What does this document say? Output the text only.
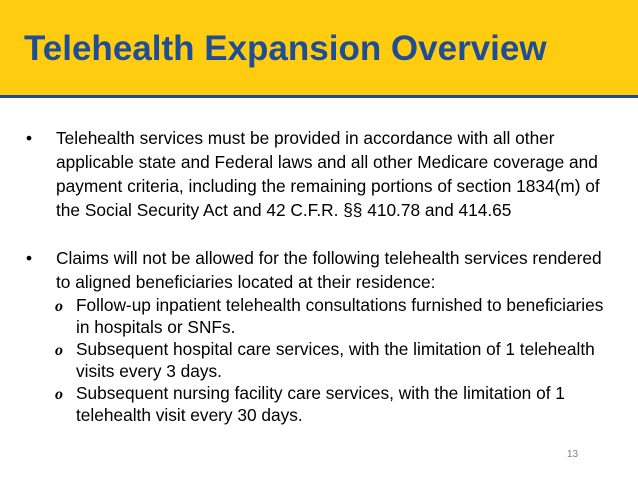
Telehealth Expansion Overview
• Telehealth services must be provided in accordance with all other applicable state and Federal laws and all other Medicare coverage and payment criteria, including the remaining portions of section 1834(m) of the Social Security Act and 42 C.F.R. §§ 410.78 and 414.65
• Claims will not be allowed for the following telehealth services rendered to aligned beneficiaries located at their residence:
o Follow-up inpatient telehealth consultations furnished to beneficiaries in hospitals or SNFs.
o Subsequent hospital care services, with the limitation of 1 telehealth visits every 3 days.
o Subsequent nursing facility care services, with the limitation of 1 telehealth visit every 30 days.
13
